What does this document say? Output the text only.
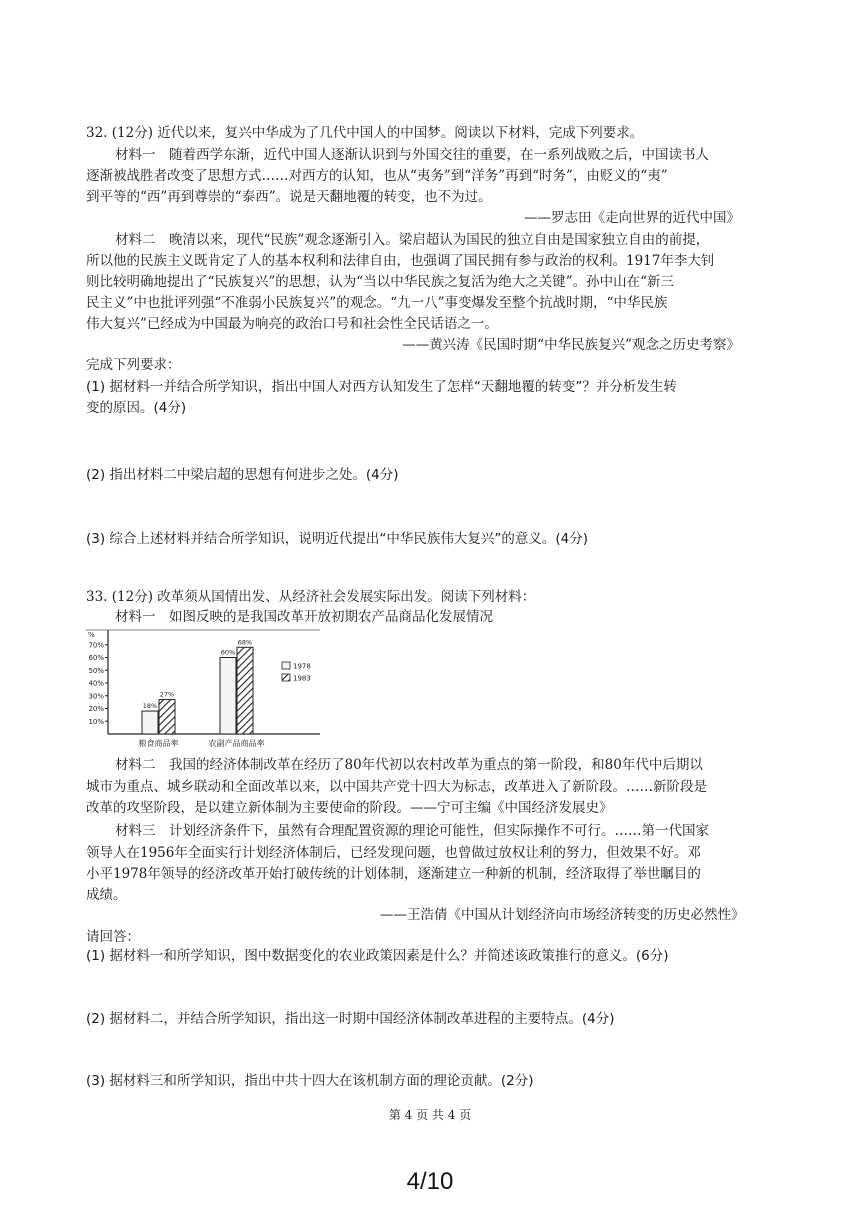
32. (12分) 近代以来，复兴中华成为了几代中国人的中国梦。阅读以下材料，完成下列要求。
材料一　随着西学东渐，近代中国人逐渐认识到与外国交往的重要，在一系列战败之后，中国读书人
逐渐被战胜者改变了思想方式……对西方的认知，也从“夷务”到“洋务”再到“时务”，由贬义的“夷”
到平等的“西”再到尊崇的“泰西”。说是天翻地覆的转变，也不为过。
——罗志田《走向世界的近代中国》
材料二　晚清以来，现代“民族”观念逐渐引入。梁启超认为国民的独立自由是国家独立自由的前提，
所以他的民族主义既肯定了人的基本权利和法律自由，也强调了国民拥有参与政治的权利。1917年李大钊
则比较明确地提出了“民族复兴”的思想，认为“当以中华民族之复活为绝大之关键”。孙中山在“新三
民主义”中也批评列强“不准弱小民族复兴”的观念。“九一八”事变爆发至整个抗战时期，“中华民族
伟大复兴”已经成为中国最为响亮的政治口号和社会性全民话语之一。
——黄兴涛《民国时期“中华民族复兴”观念之历史考察》
完成下列要求：
(1) 据材料一并结合所学知识，指出中国人对西方认知发生了怎样“天翻地覆的转变”？并分析发生转
变的原因。(4分)
(2) 指出材料二中梁启超的思想有何进步之处。(4分)
(3) 综合上述材料并结合所学知识，说明近代提出“中华民族伟大复兴”的意义。(4分)
33. (12分) 改革须从国情出发、从经济社会发展实际出发。阅读下列材料：
材料一　如图反映的是我国改革开放初期农产品商品化发展情况
%
10%
20%
30%
40%
50%
60%
70%
18%
27%
粮食商品率
60%
68%
农副产品商品率
1978
1983
材料二　我国的经济体制改革在经历了80年代初以农村改革为重点的第一阶段，和80年代中后期以
城市为重点、城乡联动和全面改革以来，以中国共产党十四大为标志，改革进入了新阶段。……新阶段是
改革的攻坚阶段，是以建立新体制为主要使命的阶段。——宁可主编《中国经济发展史》
材料三　计划经济条件下，虽然有合理配置资源的理论可能性，但实际操作不可行。……第一代国家
领导人在1956年全面实行计划经济体制后，已经发现问题，也曾做过放权让利的努力，但效果不好。邓
小平1978年领导的经济改革开始打破传统的计划体制，逐渐建立一种新的机制，经济取得了举世瞩目的
成绩。
——王浩倩《中国从计划经济向市场经济转变的历史必然性》
请回答：
(1) 据材料一和所学知识，图中数据变化的农业政策因素是什么？并简述该政策推行的意义。(6分)
(2) 据材料二，并结合所学知识，指出这一时期中国经济体制改革进程的主要特点。(4分)
(3) 据材料三和所学知识，指出中共十四大在该机制方面的理论贡献。(2分)
第 4 页 共 4 页
4/10
